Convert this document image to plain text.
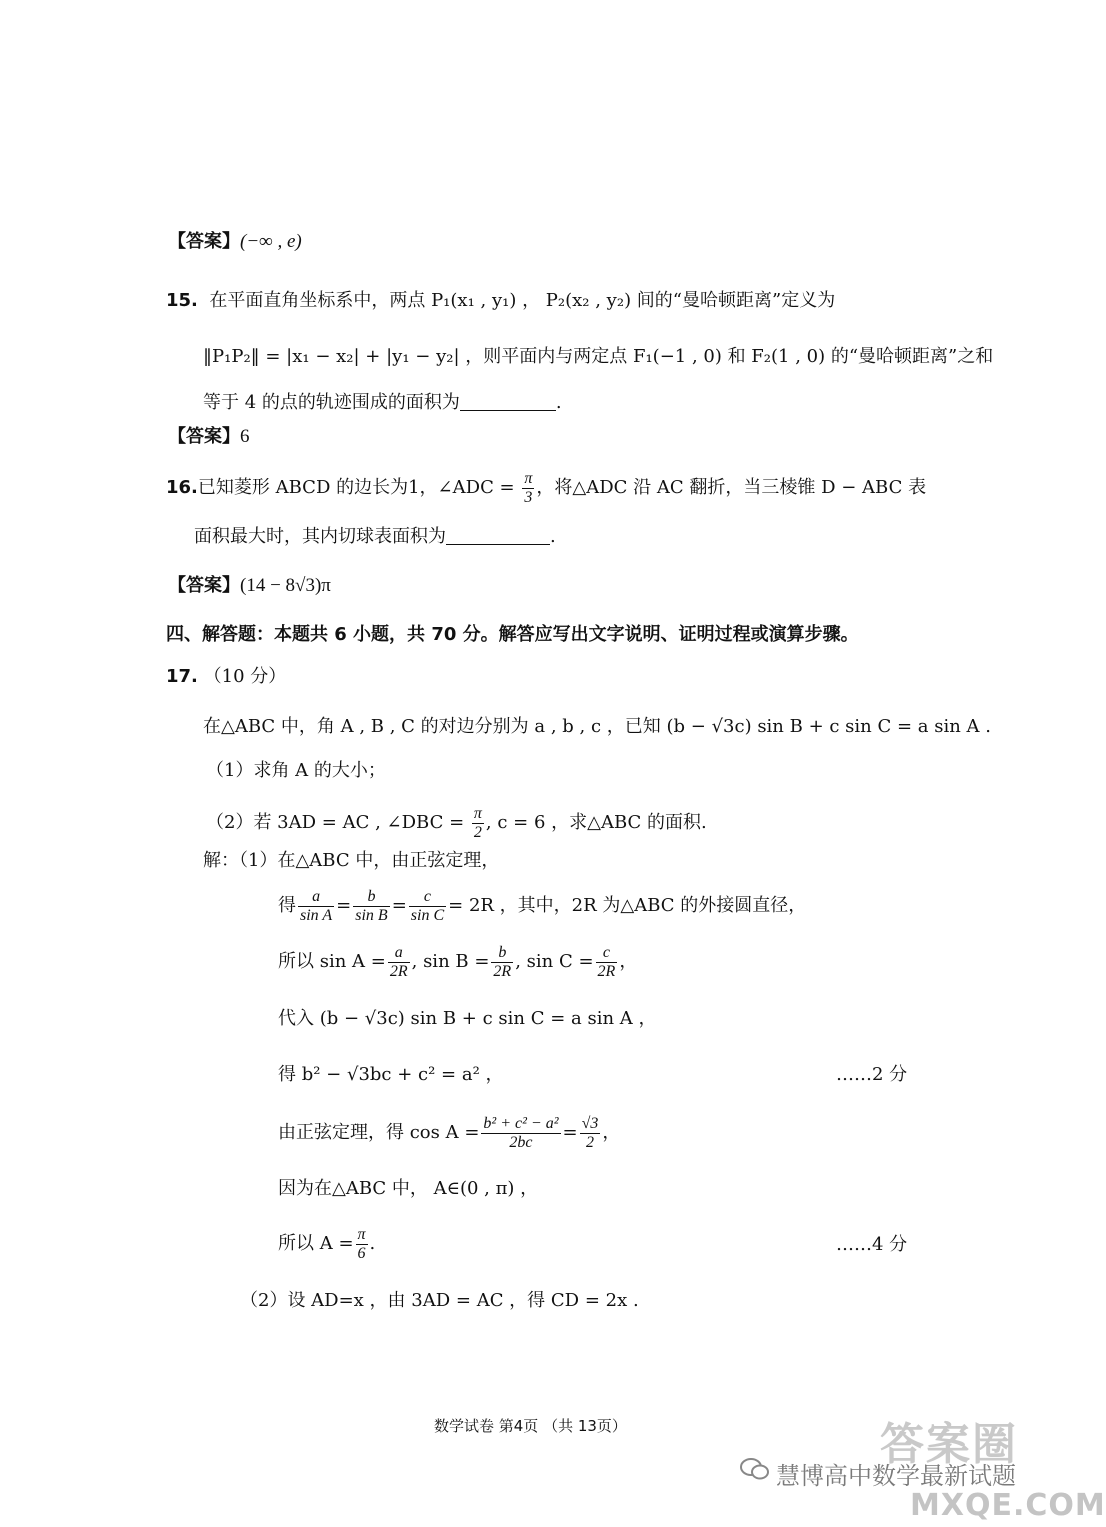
【答案】(−∞ , e)
15. 在平面直角坐标系中，两点 P₁(x₁ , y₁) ， P₂(x₂ , y₂) 间的“曼哈顿距离”定义为
‖P₁P₂‖ = |x₁ − x₂| + |y₁ − y₂| ，则平面内与两定点 F₁(−1 , 0) 和 F₂(1 , 0) 的“曼哈顿距离”之和
等于 4 的点的轨迹围成的面积为	.
【答案】6
16.已知菱形 ABCD 的边长为1，∠ADC = $\frac{\pi}{3}$ ，将△ADC 沿 AC 翻折，当三棱锥 D − ABC 表
面积最大时，其内切球表面积为	.
【答案】(14 − 8√3)π
四、解答题：本题共 6 小题，共 70 分。解答应写出文字说明、证明过程或演算步骤。
17. （10 分）
在△ABC 中，角 A , B , C 的对边分别为 a , b , c ，已知 (b − √3c) sin B + c sin C = a sin A .
（1）求角 A 的大小；
（2）若 3AD = AC , ∠DBC = $\frac{\pi}{2}$ , c = 6 ，求△ABC 的面积.
解：（1）在△ABC 中，由正弦定理，
得 $\frac{a}{\text{sin A}} = \frac{b}{\text{sin B}} = \frac{c}{\text{sin C}} = 2R$ ，其中，2R 为△ABC 的外接圆直径，
所以 $\sin A = \frac{a}{2R}$ , $\sin B = \frac{b}{2R}$ , $\sin C = \frac{c}{2R}$ ，
代入 (b − √3c) sin B + c sin C = a sin A ，
得 b² − √3bc + c² = a² ，	……2 分
由正弦定理，得 $\cos A = \frac{\text{b² + c² − a²}}{2bc} = \frac{√3}{2}$ ，
因为在△ABC 中， A∈(0 , π) ，
所以 $A = \frac{\pi}{6}$ .	……4 分
（2）设 AD=x ，由 3AD = AC ，得 CD = 2x .
数学试卷 第4页 （共 13页）
慧博高中数学最新试题
答案圈
MXQE.COM
